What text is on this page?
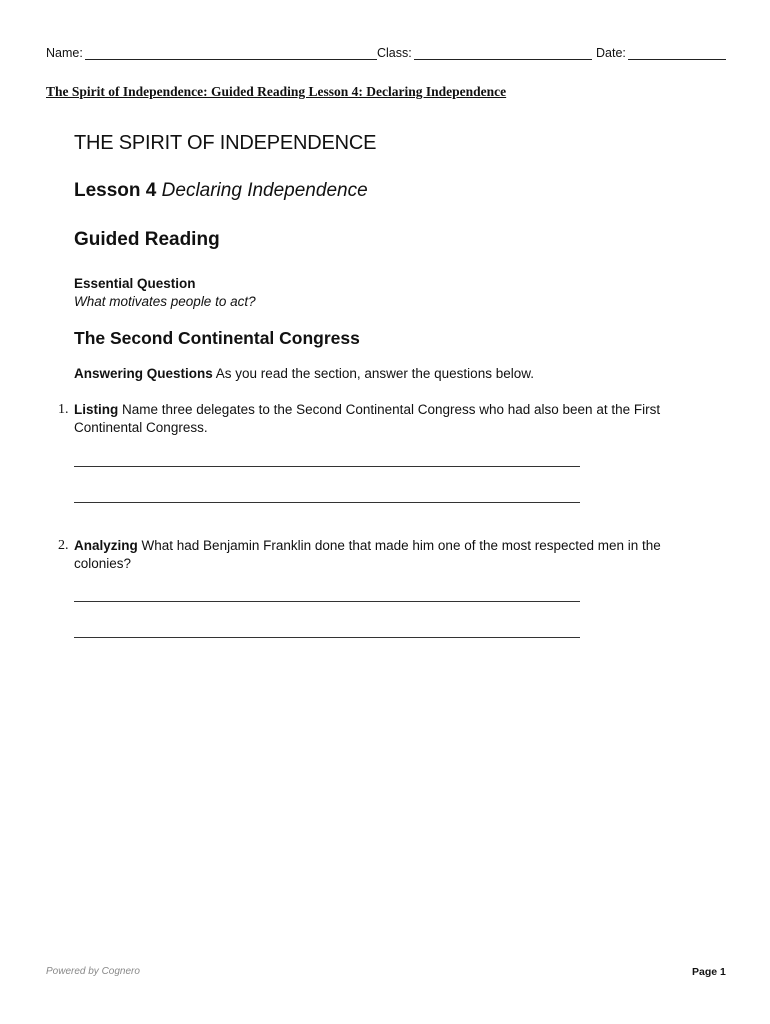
Name:	Class:	Date:
The Spirit of Independence: Guided Reading Lesson 4: Declaring Independence
THE SPIRIT OF INDEPENDENCE
Lesson 4 Declaring Independence
Guided Reading
Essential Question
What motivates people to act?
The Second Continental Congress
Answering Questions As you read the section, answer the questions below.
1. Listing Name three delegates to the Second Continental Congress who had also been at the First Continental Congress.
2. Analyzing What had Benjamin Franklin done that made him one of the most respected men in the colonies?
Powered by Cognero	Page 1
